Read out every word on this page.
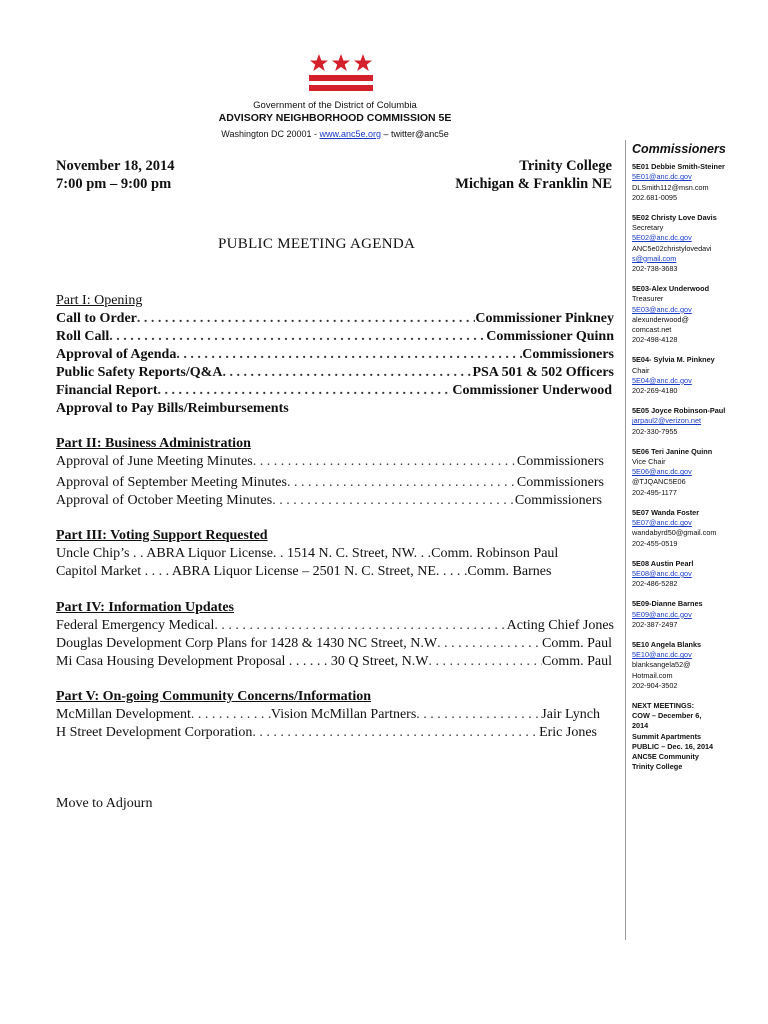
Government of the District of Columbia
ADVISORY NEIGHBORHOOD COMMISSION 5E
Washington DC 20001 - www.anc5e.org – twitter@anc5e
November 18, 2014
7:00 pm – 9:00 pm
Trinity College
Michigan & Franklin NE
PUBLIC MEETING AGENDA
Part I: Opening
Call to Order . . .	Commissioner Pinkney
Roll Call . . .	Commissioner Quinn
Approval of Agenda . . .	Commissioners
Public Safety Reports/Q&A . . .	PSA 501 & 502 Officers
Financial Report . . .	Commissioner Underwood
Approval to Pay Bills/Reimbursements
Part II: Business Administration
Approval of June Meeting Minutes . . .	Commissioners
Approval of September Meeting Minutes . . .	Commissioners
Approval of October Meeting Minutes . . .	Commissioners
Part III: Voting Support Requested
Uncle Chip’s . . ABRA Liquor License. . 1514 N. C. Street, NW. . . Comm. Robinson Paul
Capitol Market . . . . ABRA Liquor License – 2501 N. C. Street, NE. . . . . Comm. Barnes
Part IV: Information Updates
Federal Emergency Medical . . .	Acting Chief Jones
Douglas Development Corp Plans for 1428 & 1430 NC Street, N.W . . .	Comm. Paul
Mi Casa Housing Development Proposal . . . . . . 30 Q Street, N.W . . .	Comm. Paul
Part V: On-going Community Concerns/Information
McMillan Development . . .	Vision McMillan Partners . . .	Jair Lynch
H Street Development Corporation . . .	Eric Jones
Move to Adjourn
Commissioners
5E01 Debbie Smith-Steiner
5E01@anc.dc.gov
DLSmith112@msn.com
202.681-0095
5E02 Christy Love Davis
Secretary
5E02@anc.dc.gov
ANC5e02christylovedavi
s@gmail.com
202-738-3683
5E03-Alex Underwood
Treasurer
5E03@anc.dc.gov
alexunderwood@
comcast.net
202-498-4128
5E04- Sylvia M. Pinkney
Chair
5E04@anc.dc.gov
202-269-4180
5E05 Joyce Robinson-Paul
jarpaul2@verizon.net
202-330-7955
5E06 Teri Janine Quinn
Vice Chair
5E06@anc.dc.gov
@TJQANC5E06
202-495-1177
5E07 Wanda Foster
5E07@anc.dc.gov
wandabyrd50@gmail.com
202-455-0519
5E08 Austin Pearl
5E08@anc.dc.gov
202-486-5282
5E09-Dianne Barnes
5E09@anc.dc.gov
202-387-2497
5E10 Angela Blanks
5E10@anc.dc.gov
blanksangela52@
Hotmail.com
202-904-3502
NEXT MEETINGS:
COW – December 6,
2014
Summit Apartments
PUBLIC – Dec. 16, 2014
ANC5E Community
Trinity College
